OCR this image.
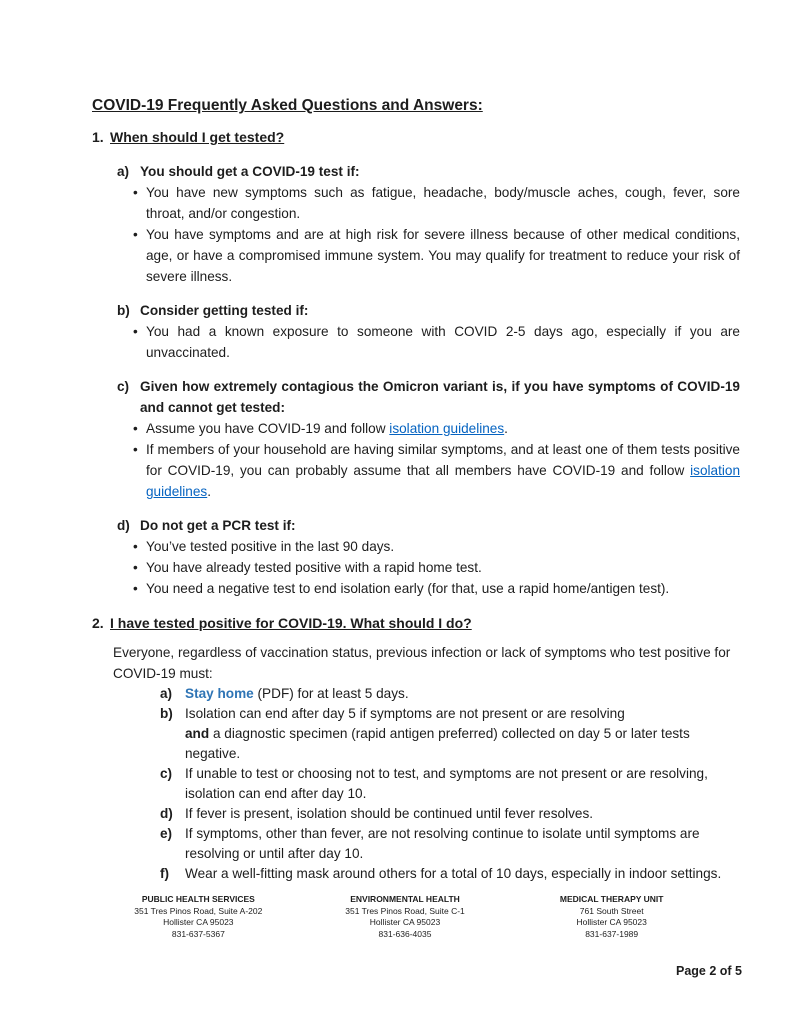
COVID-19 Frequently Asked Questions and Answers:
1. When should I get tested?
a) You should get a COVID-19 test if:
• You have new symptoms such as fatigue, headache, body/muscle aches, cough, fever, sore throat, and/or congestion.
• You have symptoms and are at high risk for severe illness because of other medical conditions, age, or have a compromised immune system. You may qualify for treatment to reduce your risk of severe illness.
b) Consider getting tested if:
• You had a known exposure to someone with COVID 2-5 days ago, especially if you are unvaccinated.
c) Given how extremely contagious the Omicron variant is, if you have symptoms of COVID-19 and cannot get tested:
• Assume you have COVID-19 and follow isolation guidelines.
• If members of your household are having similar symptoms, and at least one of them tests positive for COVID-19, you can probably assume that all members have COVID-19 and follow isolation guidelines.
d) Do not get a PCR test if:
• You’ve tested positive in the last 90 days.
• You have already tested positive with a rapid home test.
• You need a negative test to end isolation early (for that, use a rapid home/antigen test).
2. I have tested positive for COVID-19. What should I do?

Everyone, regardless of vaccination status, previous infection or lack of symptoms who test positive for COVID-19 must:

a) Stay home (PDF) for at least 5 days.
b) Isolation can end after day 5 if symptoms are not present or are resolving
and a diagnostic specimen (rapid antigen preferred) collected on day 5 or later tests negative.
c) If unable to test or choosing not to test, and symptoms are not present or are resolving, isolation can end after day 10.
d) If fever is present, isolation should be continued until fever resolves.
e) If symptoms, other than fever, are not resolving continue to isolate until symptoms are resolving or until after day 10.
f)	Wear a well-fitting mask around others for a total of 10 days, especially in indoor settings.
PUBLIC HEALTH SERVICES
351 Tres Pinos Road, Suite A-202
Hollister CA 95023
831-637-5367
ENVIRONMENTAL HEALTH
351 Tres Pinos Road, Suite C-1
Hollister CA 95023
831-636-4035
MEDICAL THERAPY UNIT
761 South Street
Hollister CA 95023
831-637-1989
Page 2 of 5
